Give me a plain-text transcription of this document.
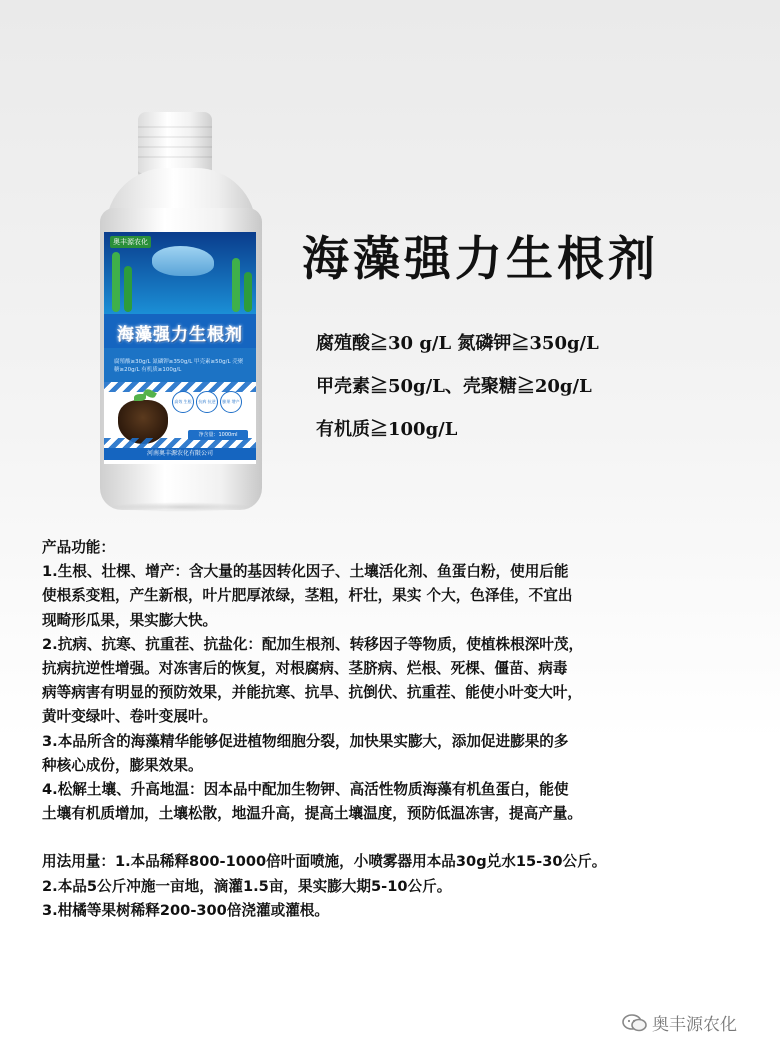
奥丰源农化
海藻强力生根剂
腐殖酸≥30g/L 氮磷钾≥350g/L 甲壳素≥50g/L 壳聚糖≥20g/L 有机质≥100g/L
高效 生根 抗病 抗逆 膨果 增产
净含量：1000ml
河南奥丰源农化有限公司
海藻强力生根剂
腐殖酸≧30 g/L 氮磷钾≧350g/L
甲壳素≧50g/L、壳聚糖≧20g/L
有机质≧100g/L

产品功能：

1.生根、壮棵、增产：含大量的基因转化因子、土壤活化剂、鱼蛋白粉，使用后能

使根系变粗，产生新根，叶片肥厚浓绿，茎粗，杆壮，果实 个大，色泽佳，不宜出

现畸形瓜果，果实膨大快。

2.抗病、抗寒、抗重茬、抗盐化：配加生根剂、转移因子等物质，使植株根深叶茂，

抗病抗逆性增强。对冻害后的恢复，对根腐病、茎脐病、烂根、死棵、僵苗、病毒

病等病害有明显的预防效果，并能抗寒、抗旱、抗倒伏、抗重茬、能使小叶变大叶，

黄叶变绿叶、卷叶变展叶。

3.本品所含的海藻精华能够促进植物细胞分裂，加快果实膨大，添加促进膨果的多

种核心成份，膨果效果。

4.松解土壤、升高地温：因本品中配加生物钾、高活性物质海藻有机鱼蛋白，能使

土壤有机质增加，土壤松散，地温升高，提高土壤温度，预防低温冻害，提高产量。

用法用量：1.本品稀释800-1000倍叶面喷施，小喷雾器用本品30g兑水15-30公斤。

2.本品5公斤冲施一亩地，滴灌1.5亩，果实膨大期5-10公斤。

3.柑橘等果树稀释200-300倍浇灌或灌根。

奥丰源农化
